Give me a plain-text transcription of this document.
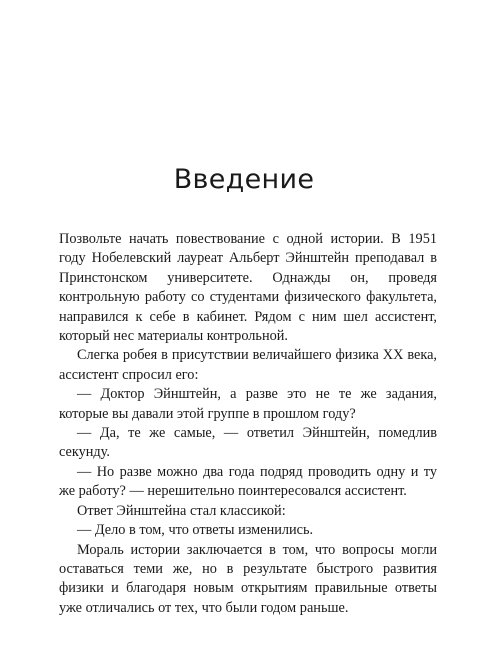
Введение

Позвольте начать повествование с одной истории. В 1951 году Нобелевский лауреат Альберт Эйнштейн преподавал в Принстонском университете. Однажды он, проведя контрольную работу со студентами физического факультета, направился к себе в кабинет. Рядом с ним шел ассистент, который нес материалы контрольной.

Слегка робея в присутствии величайшего физика XX века, ассистент спросил его:

— Доктор Эйнштейн, а разве это не те же задания, которые вы давали этой группе в прошлом году?

— Да, те же самые, — ответил Эйнштейн, помедлив секунду.

— Но разве можно два года подряд проводить одну и ту же работу? — нерешительно поинтересовался ассистент.

Ответ Эйнштейна стал классикой:

— Дело в том, что ответы изменились.

Мораль истории заключается в том, что вопросы могли оставаться теми же, но в результате быстрого развития физики и благодаря новым открытиям правильные ответы уже отличались от тех, что были годом раньше.
